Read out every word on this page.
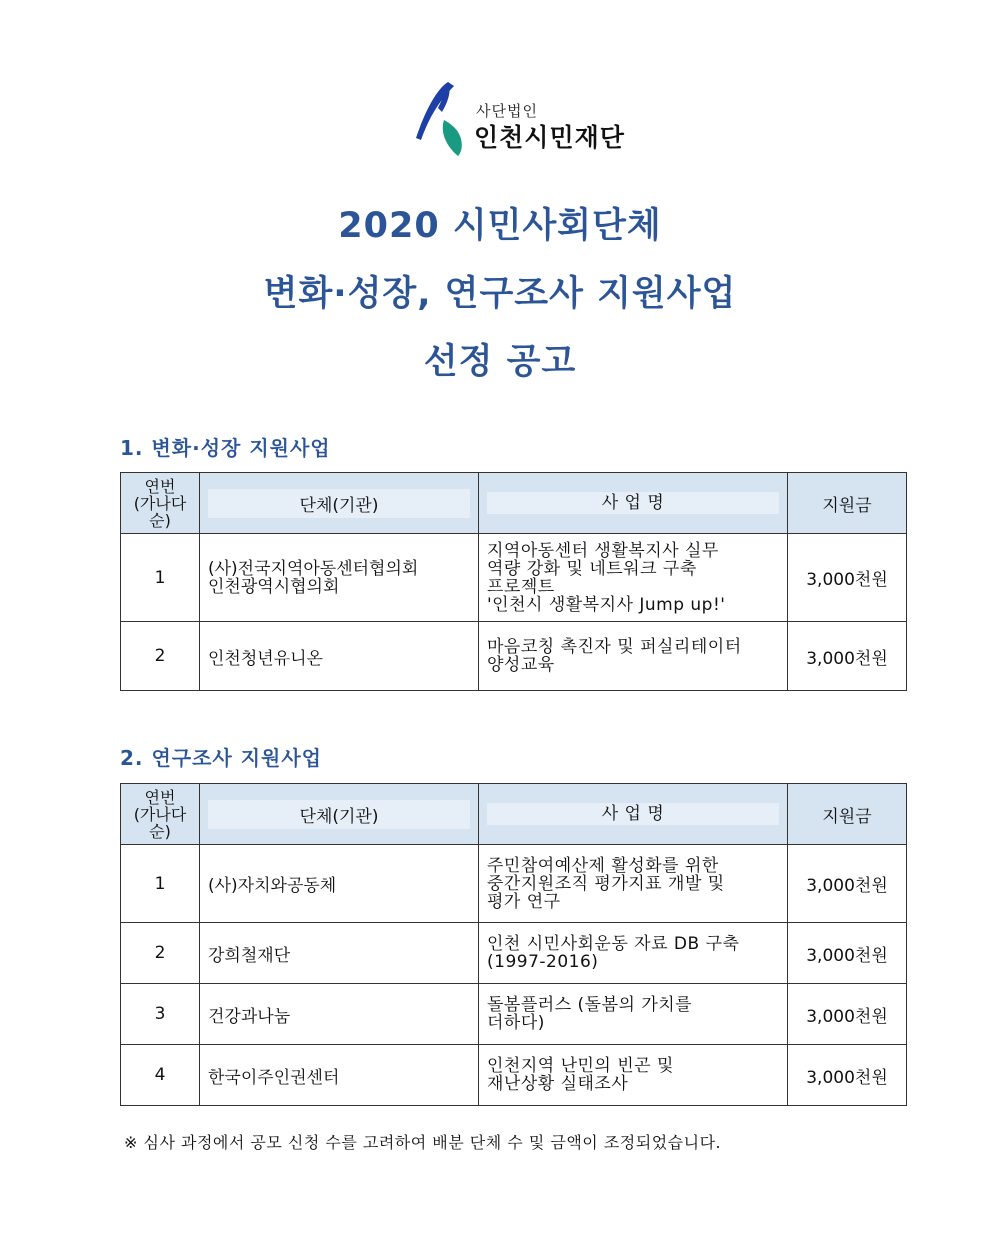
사단법인
인천시민재단
2020 시민사회단체
변화·성장, 연구조사 지원사업
선정 공고
1. 변화·성장 지원사업
연번
(가나다
순)	단체(기관)	사 업 명	지원금
1	(사)전국지역아동센터협의회
인천광역시협의회	지역아동센터 생활복지사 실무
역량 강화 및 네트워크 구축
프로젝트
'인천시 생활복지사 Jump up!'	3,000천원
2	인천청년유니온	마음코칭 촉진자 및 퍼실리테이터
양성교육	3,000천원
2. 연구조사 지원사업
연번
(가나다
순)	단체(기관)	사 업 명	지원금
1	(사)자치와공동체	주민참여예산제 활성화를 위한
중간지원조직 평가지표 개발 및
평가 연구	3,000천원
2	강희철재단	인천 시민사회운동 자료 DB 구축
(1997-2016)	3,000천원
3	건강과나눔	돌봄플러스 (돌봄의 가치를
더하다)	3,000천원
4	한국이주인권센터	인천지역 난민의 빈곤 및
재난상황 실태조사	3,000천원
※ 심사 과정에서 공모 신청 수를 고려하여 배분 단체 수 및 금액이 조정되었습니다.
